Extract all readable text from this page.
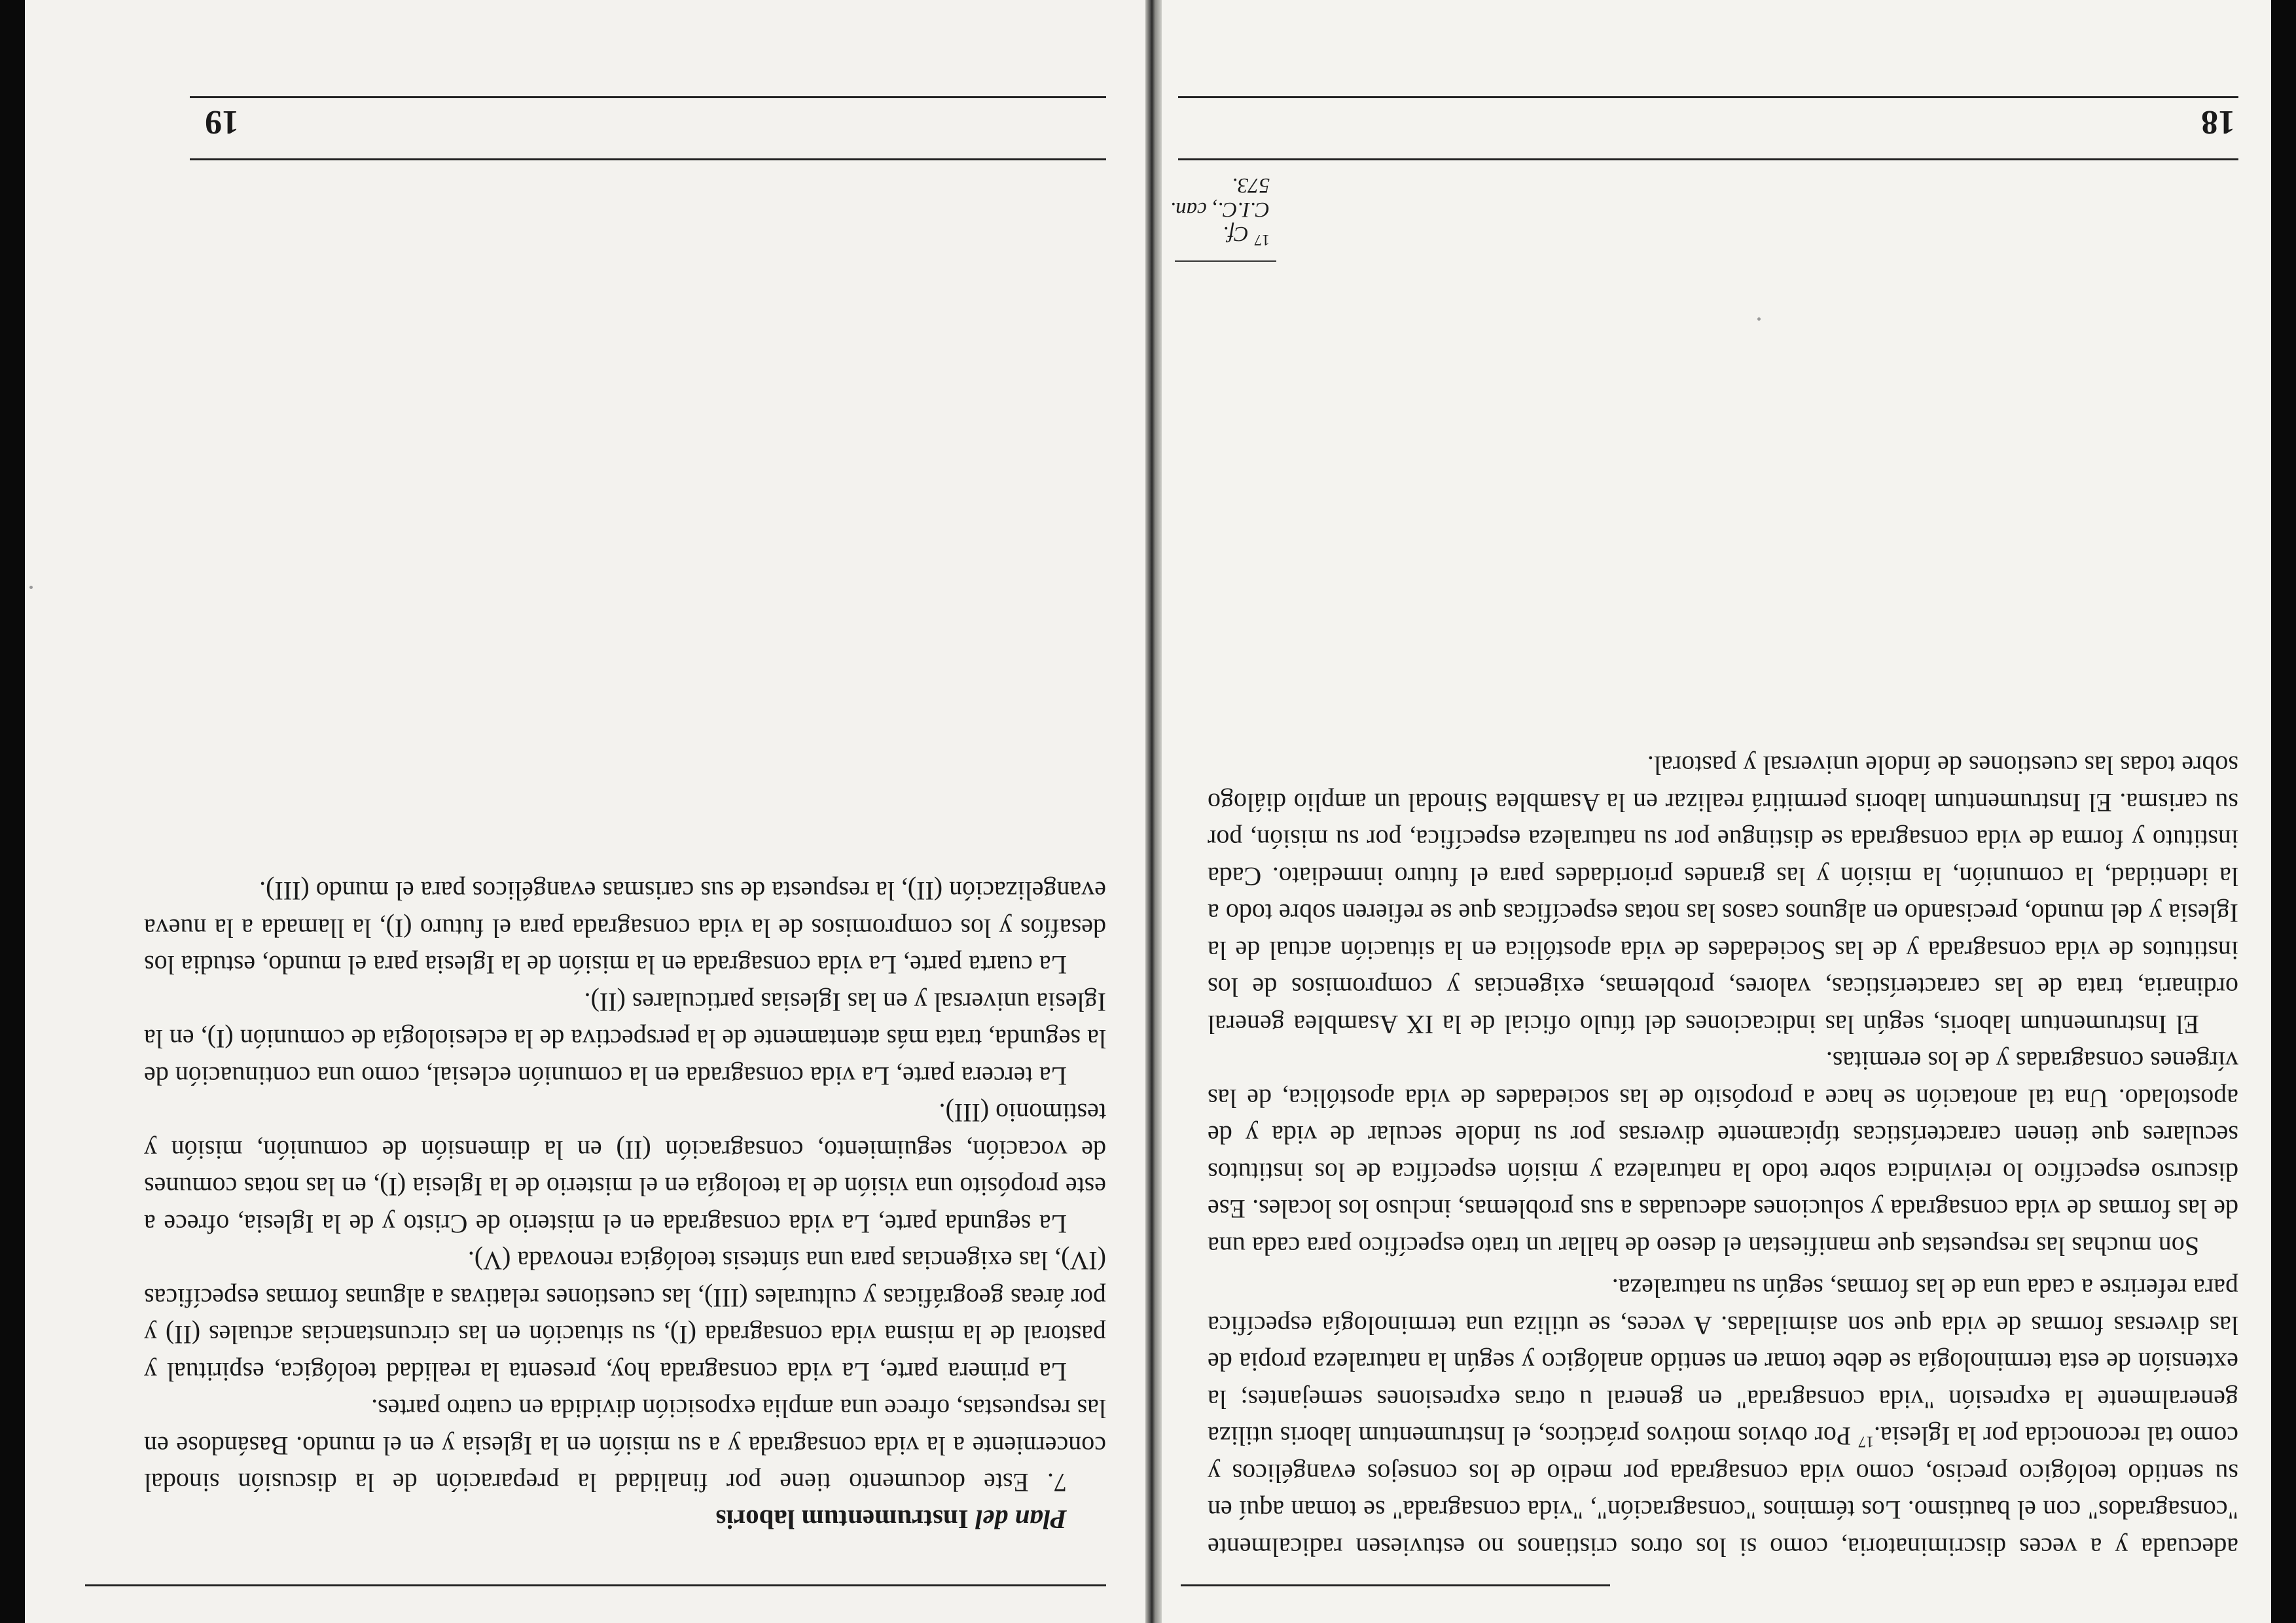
adecuada y a veces discriminatoria, como si los otros cristianos no estuviesen radicalmente "consagrados" con el bautismo. Los términos "consagración", "vida consagrada" se toman aquí en su sentido teológico preciso, como vida consagrada por medio de los consejos evangélicos y como tal reconocida por la Iglesia.$^{17}$ Por obvios motivos prácticos, el Instrumentum laboris utiliza generalmente la expresión "vida consagrada" en general u otras expresiones semejantes; la extensión de esta terminología se debe tomar en sentido analógico y según la naturaleza propia de las diversas formas de vida que son asimiladas. A veces, se utiliza una terminología específica para referirse a cada una de las formas, según su naturaleza.

Son muchas las respuestas que manifiestan el deseo de hallar un trato específico para cada una de las formas de vida consagrada y soluciones adecuadas a sus problemas, incluso los locales. Ese discurso específico lo reivindica sobre todo la naturaleza y misión específica de los institutos seculares que tienen características típicamente diversas por su índole secular de vida y de apostolado. Una tal anotación se hace a propósito de las sociedades de vida apostólica, de las vírgenes consagradas y de los eremitas.

El Instrumentum laboris, según las indicaciones del título oficial de la IX Asamblea general ordinaria, trata de las características, valores, problemas, exigencias y compromisos de los institutos de vida consagrada y de las Sociedades de vida apostólica en la situación actual de la Iglesia y del mundo, precisando en algunos casos las notas específicas que se refieren sobre todo a la identidad, la comunión, la misión y las grandes prioridades para el futuro inmediato. Cada instituto y forma de vida consagrada se distingue por su naturaleza específica, por su misión, por su carisma. El Instrumentum laboris permitirá realizar en la Asamblea Sinodal un amplio diálogo sobre todas las cuestiones de índole universal y pastoral.

$^{17}$ Cf. C.I.C., can. 573.
18

Plan del Instrumentum laboris

7. Este documento tiene por finalidad la preparación de la discusión sinodal concerniente a la vida consagrada y a su misión en la Iglesia y en el mundo. Basándose en las respuestas, ofrece una amplia exposición dividida en cuatro partes.

La primera parte, La vida consagrada hoy, presenta la realidad teológica, espiritual y pastoral de la misma vida consagrada (I), su situación en las circunstancias actuales (II) y por áreas geográficas y culturales (III), las cuestiones relativas a algunas formas específicas (IV), las exigencias para una síntesis teológica renovada (V).

La segunda parte, La vida consagrada en el misterio de Cristo y de la Iglesia, ofrece a este propósito una visión de la teología en el misterio de la Iglesia (I), en las notas comunes de vocación, seguimiento, consagración (II) en la dimensión de comunión, misión y testimonio (III).

La tercera parte, La vida consagrada en la comunión eclesial, como una continuación de la segunda, trata más atentamente de la perspectiva de la eclesiología de comunión (I), en la Iglesia universal y en las Iglesias particulares (II).

La cuarta parte, La vida consagrada en la misión de la Iglesia para el mundo, estudia los desafíos y los compromisos de la vida consagrada para el futuro (I), la llamada a la nueva evangelización (II), la respuesta de sus carismas evangélicos para el mundo (III).

19
